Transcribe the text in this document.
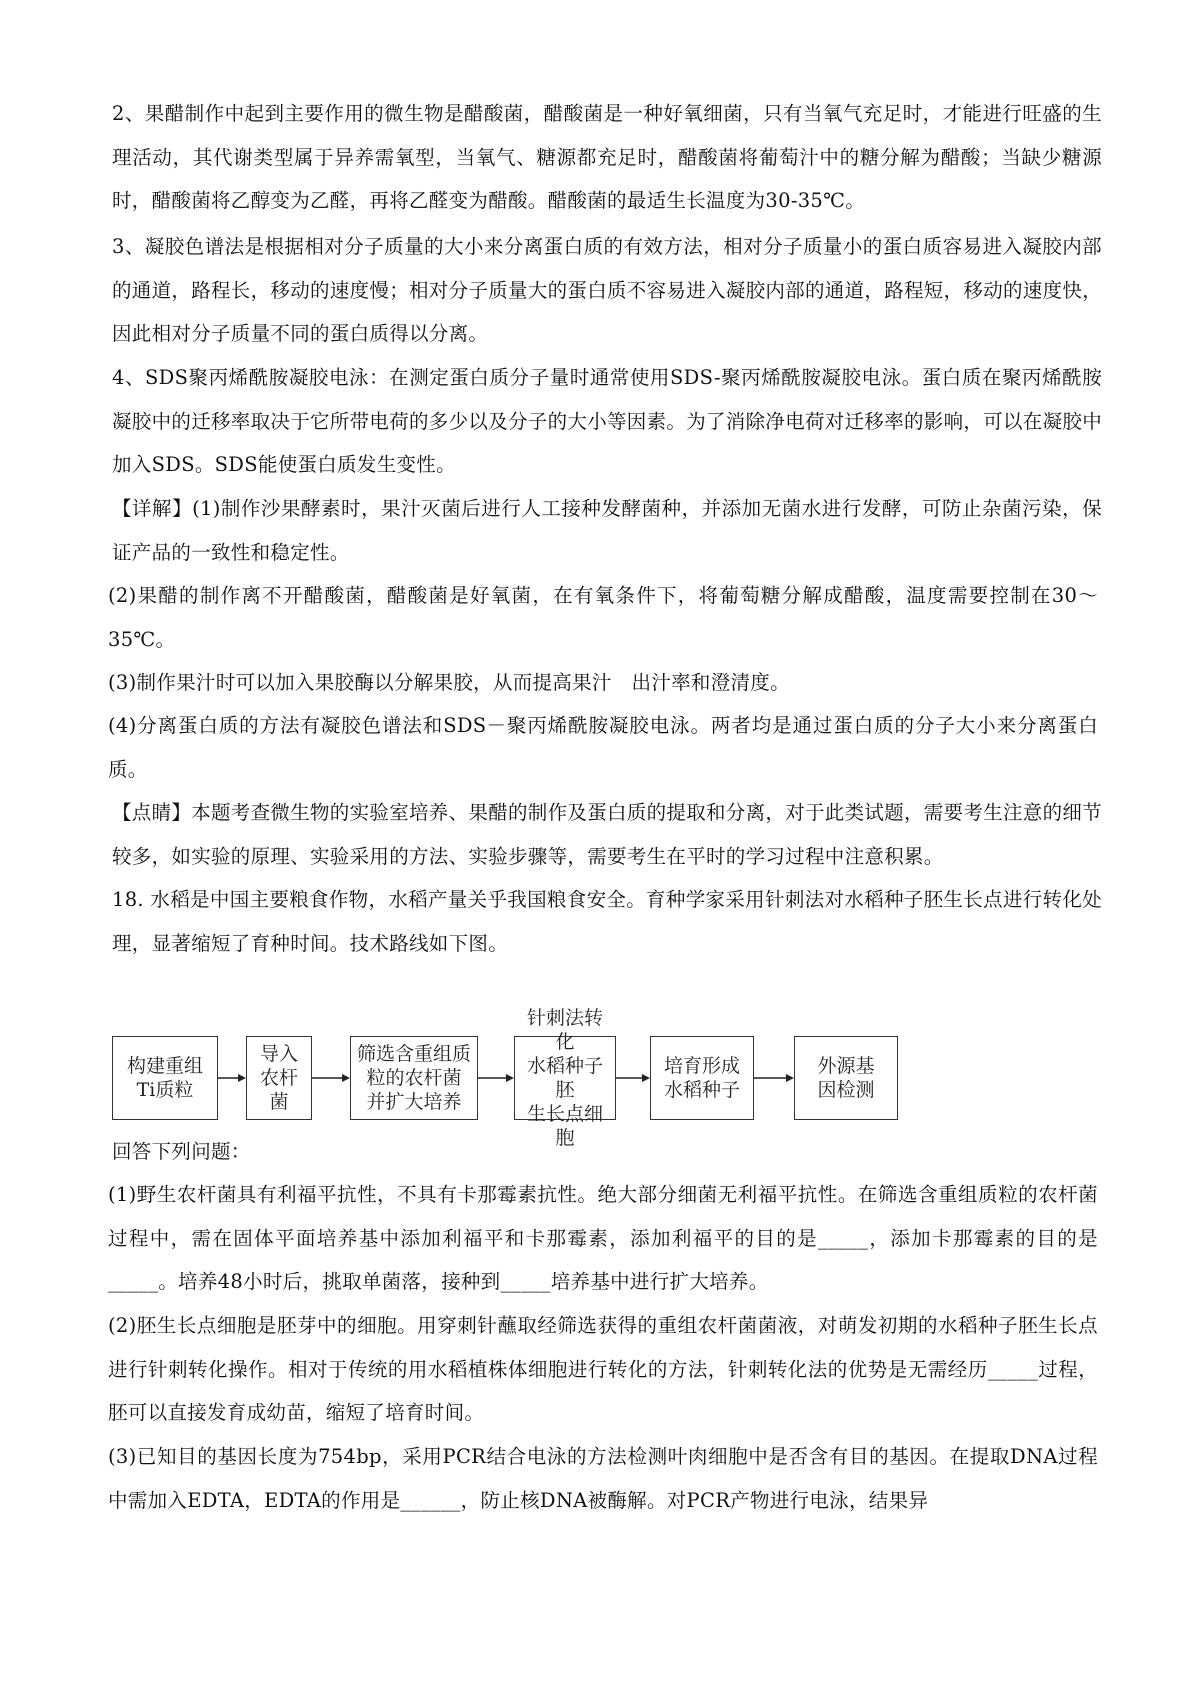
2、果醋制作中起到主要作用的微生物是醋酸菌，醋酸菌是一种好氧细菌，只有当氧气充足时，才能进行旺盛的生理活动，其代谢类型属于异养需氧型，当氧气、糖源都充足时，醋酸菌将葡萄汁中的糖分解为醋酸；当缺少糖源时，醋酸菌将乙醇变为乙醛，再将乙醛变为醋酸。醋酸菌的最适生长温度为30-35℃。

3、凝胶色谱法是根据相对分子质量的大小来分离蛋白质的有效方法，相对分子质量小的蛋白质容易进入凝胶内部的通道，路程长，移动的速度慢；相对分子质量大的蛋白质不容易进入凝胶内部的通道，路程短，移动的速度快，因此相对分子质量不同的蛋白质得以分离。

4、SDS聚丙烯酰胺凝胶电泳：在测定蛋白质分子量时通常使用SDS-聚丙烯酰胺凝胶电泳。蛋白质在聚丙烯酰胺凝胶中的迁移率取决于它所带电荷的多少以及分子的大小等因素。为了消除净电荷对迁移率的影响，可以在凝胶中加入SDS。SDS能使蛋白质发生变性。

【详解】(1)制作沙果酵素时，果汁灭菌后进行人工接种发酵菌种，并添加无菌水进行发酵，可防止杂菌污染，保证产品的一致性和稳定性。

(2)果醋的制作离不开醋酸菌，醋酸菌是好氧菌，在有氧条件下，将葡萄糖分解成醋酸，温度需要控制在30～35℃。

(3)制作果汁时可以加入果胶酶以分解果胶，从而提高果汁　出汁率和澄清度。

(4)分离蛋白质的方法有凝胶色谱法和SDS－聚丙烯酰胺凝胶电泳。两者均是通过蛋白质的分子大小来分离蛋白质。

【点睛】本题考查微生物的实验室培养、果醋的制作及蛋白质的提取和分离，对于此类试题，需要考生注意的细节较多，如实验的原理、实验采用的方法、实验步骤等，需要考生在平时的学习过程中注意积累。

18. 水稻是中国主要粮食作物，水稻产量关乎我国粮食安全。育种学家采用针刺法对水稻种子胚生长点进行转化处理，显著缩短了育种时间。技术路线如下图。

构建重组
Ti质粒
导入
农杆菌
筛选含重组质
粒的农杆菌
并扩大培养
针刺法转化
水稻种子胚
生长点细胞
培育形成
水稻种子
外源基
因检测

回答下列问题：

(1)野生农杆菌具有利福平抗性，不具有卡那霉素抗性。绝大部分细菌无利福平抗性。在筛选含重组质粒的农杆菌过程中，需在固体平面培养基中添加利福平和卡那霉素，添加利福平的目的是_____，添加卡那霉素的目的是_____。培养48小时后，挑取单菌落，接种到_____培养基中进行扩大培养。

(2)胚生长点细胞是胚芽中的细胞。用穿刺针蘸取经筛选获得的重组农杆菌菌液，对萌发初期的水稻种子胚生长点进行针刺转化操作。相对于传统的用水稻植株体细胞进行转化的方法，针刺转化法的优势是无需经历_____过程，胚可以直接发育成幼苗，缩短了培育时间。

(3)已知目的基因长度为754bp，采用PCR结合电泳的方法检测叶肉细胞中是否含有目的基因。在提取DNA过程中需加入EDTA，EDTA的作用是______，防止核DNA被酶解。对PCR产物进行电泳，结果异
